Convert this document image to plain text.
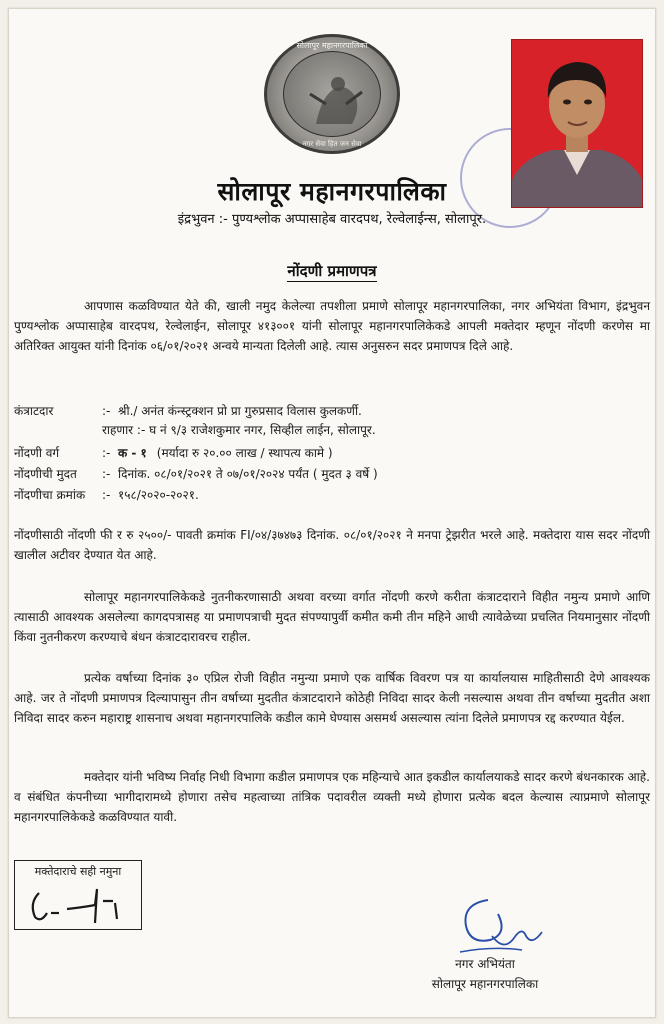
सोलापूर महानगरपालिका
नगर सेवा हित जन सेवा
सोलापूर महानगरपालिका
इंद्रभुवन :- पुण्यश्लोक अप्पासाहेब वारदपथ, रेल्वेलाईन्स, सोलापूर.
नोंदणी प्रमाणपत्र
आपणास कळविण्यात येते की, खाली नमुद केलेल्या तपशीला प्रमाणे सोलापूर महानगरपालिका, नगर अभियंता विभाग, इंद्रभुवन पुण्यश्लोक अप्पासाहेब वारदपथ, रेल्वेलाईन, सोलापूर ४१३००१ यांनी सोलापूर महानगरपालिकेकडे आपली मक्तेदार म्हणून नोंदणी करणेस मा अतिरिक्त आयुक्त यांनी दिनांक ०६/०१/२०२१ अन्वये मान्यता दिलेली आहे. त्यास अनुसरुन सदर प्रमाणपत्र दिले आहे.
कंत्राटदार	:- श्री./ अनंत कंन्स्ट्रक्शन प्रो प्रा गुरुप्रसाद विलास कुलकर्णी.
राहणार :- घ नं ९/३ राजेशकुमार नगर, सिव्हील लाईन, सोलापूर.
नोंदणी वर्ग	:- क - १ (मर्यादा रु २०.०० लाख / स्थापत्य कामे )
नोंदणीची मुदत :- दिनांक. ०८/०१/२०२१ ते ०७/०१/२०२४ पर्यंत ( मुदत ३ वर्षे )
नोंदणीचा क्रमांक :- १५८/२०२०-२०२१.
नोंदणीसाठी नोंदणी फी र रु २५००/- पावती क्रमांक FI/०४/३७४७३ दिनांक. ०८/०१/२०२१ ने मनपा ट्रेझरीत भरले आहे. मक्तेदारा यास सदर नोंदणी खालील अटीवर देण्यात येत आहे.
सोलापूर महानगरपालिकेकडे नुतनीकरणासाठी अथवा वरच्या वर्गात नोंदणी करणे करीता कंत्राटदाराने विहीत नमुन्य प्रमाणे आणि त्यासाठी आवश्यक असलेल्या कागदपत्रासह या प्रमाणपत्राची मुदत संपण्यापुर्वी कमीत कमी तीन महिने आधी त्यावेळेच्या प्रचलित नियमानुसार नोंदणी किंवा नुतनीकरण करण्याचे बंधन कंत्राटदारावरच राहील.
प्रत्येक वर्षाच्या दिनांक ३० एप्रिल रोजी विहीत नमुन्या प्रमाणे एक वार्षिक विवरण पत्र या कार्यालयास माहितीसाठी देणे आवश्यक आहे. जर ते नोंदणी प्रमाणपत्र दिल्यापासुन तीन वर्षाच्या मुदतीत कंत्राटदाराने कोठेही निविदा सादर केली नसल्यास अथवा तीन वर्षाच्या मुदतीत अशा निविदा सादर करुन महाराष्ट्र शासनाच अथवा महानगरपालिके कडील कामे घेण्यास असमर्थ असल्यास त्यांना दिलेले प्रमाणपत्र रद्द करण्यात येईल.
मक्तेदार यांनी भविष्य निर्वाह निधी विभागा कडील प्रमाणपत्र एक महिन्याचे आत इकडील कार्यालयाकडे सादर करणे बंधनकारक आहे. व संबंधित कंपनीच्या भागीदारामध्ये होणारा तसेच महत्वाच्या तांत्रिक पदावरील व्यक्ती मध्ये होणारा प्रत्येक बदल केल्यास त्याप्रमाणे सोलापूर महानगरपालिकेकडे कळविण्यात यावी.
मक्तेदाराचे सही नमुना
नगर अभियंता
सोलापूर महानगरपालिका
